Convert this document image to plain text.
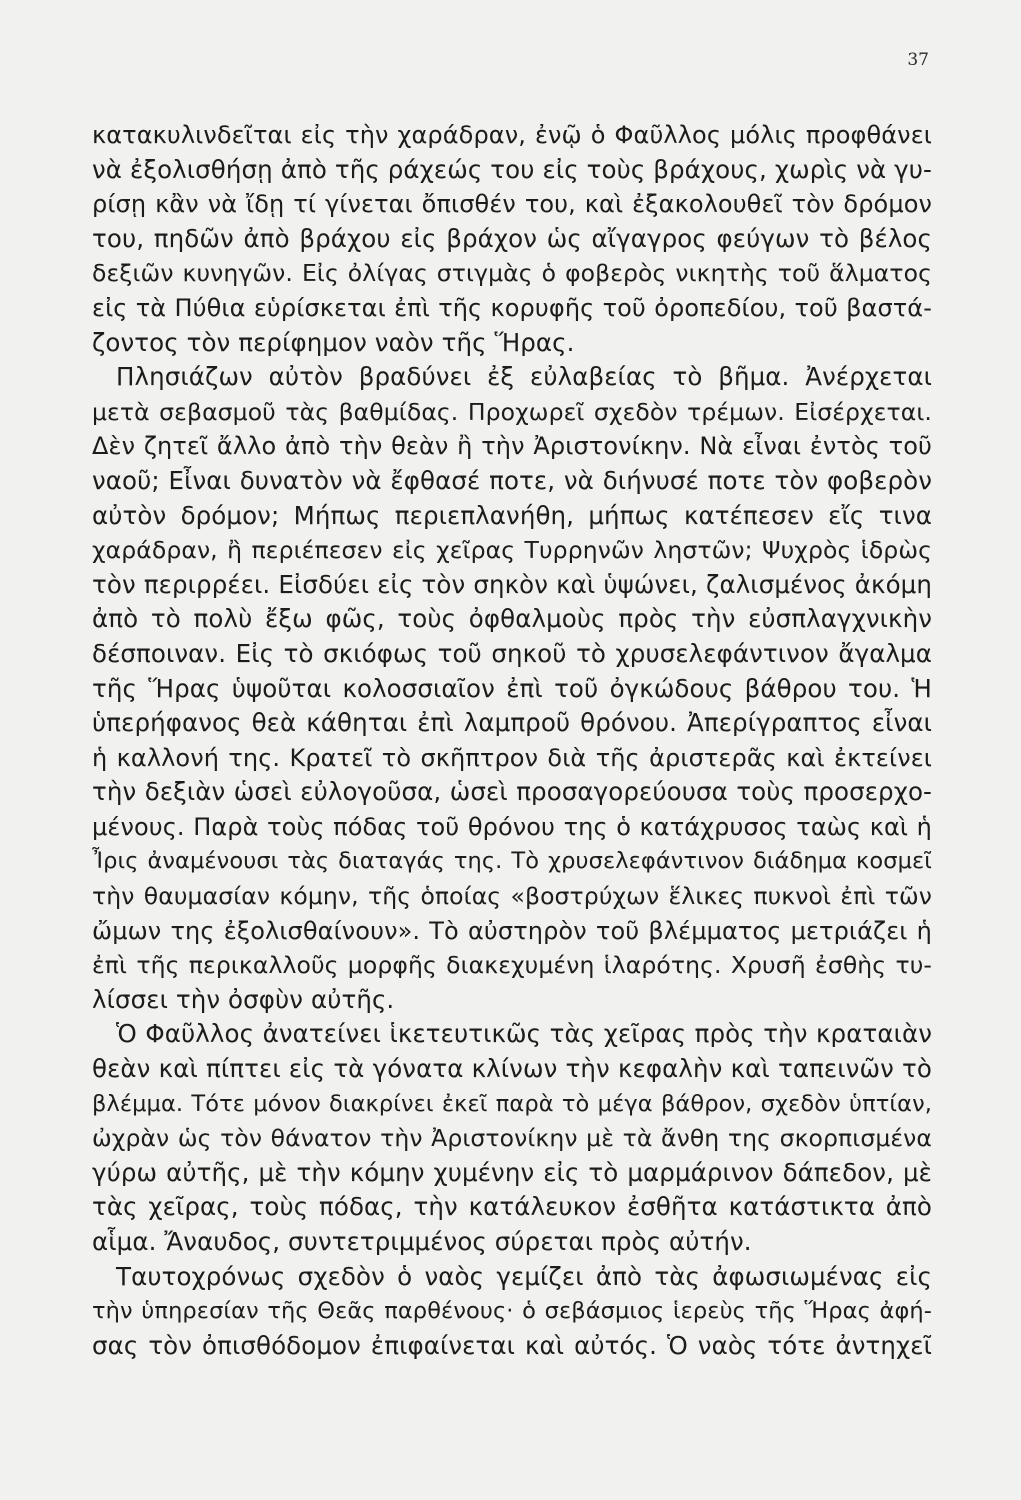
37
κατακυλινδεῖται εἰς τὴν χαράδραν, ἐνῷ ὁ Φαῦλλος μόλις προφθάνει
νὰ ἐξολισθήσῃ ἀπὸ τῆς ράχεώς του εἰς τοὺς βράχους, χωρὶς νὰ γυ-
ρίσῃ κἂν νὰ ἴδῃ τί γίνεται ὄπισθέν του, καὶ ἐξακολουθεῖ τὸν δρόμον
του, πηδῶν ἀπὸ βράχου εἰς βράχον ὡς αἴγαγρος φεύγων τὸ βέλος
δεξιῶν κυνηγῶν. Εἰς ὀλίγας στιγμὰς ὁ φοβερὸς νικητὴς τοῦ ἅλματος
εἰς τὰ Πύθια εὑρίσκεται ἐπὶ τῆς κορυφῆς τοῦ ὀροπεδίου, τοῦ βαστά-
ζοντος τὸν περίφημον ναὸν τῆς Ἥρας.
Πλησιάζων αὐτὸν βραδύνει ἐξ εὐλαβείας τὸ βῆμα. Ἀνέρχεται
μετὰ σεβασμοῦ τὰς βαθμίδας. Προχωρεῖ σχεδὸν τρέμων. Εἰσέρχεται.
Δὲν ζητεῖ ἄλλο ἀπὸ τὴν θεὰν ἢ τὴν Ἀριστονίκην. Νὰ εἶναι ἐντὸς τοῦ
ναοῦ; Εἶναι δυνατὸν νὰ ἔφθασέ ποτε, νὰ διήνυσέ ποτε τὸν φοβερὸν
αὐτὸν δρόμον; Μήπως περιεπλανήθη, μήπως κατέπεσεν εἴς τινα
χαράδραν, ἢ περιέπεσεν εἰς χεῖρας Τυρρηνῶν ληστῶν; Ψυχρὸς ἱδρὼς
τὸν περιρρέει. Εἰσδύει εἰς τὸν σηκὸν καὶ ὑψώνει, ζαλισμένος ἀκόμη
ἀπὸ τὸ πολὺ ἔξω φῶς, τοὺς ὀφθαλμοὺς πρὸς τὴν εὐσπλαγχνικὴν
δέσποιναν. Εἰς τὸ σκιόφως τοῦ σηκοῦ τὸ χρυσελεφάντινον ἄγαλμα
τῆς Ἥρας ὑψοῦται κολοσσιαῖον ἐπὶ τοῦ ὀγκώδους βάθρου του. Ἡ
ὑπερήφανος θεὰ κάθηται ἐπὶ λαμπροῦ θρόνου. Ἀπερίγραπτος εἶναι
ἡ καλλονή της. Κρατεῖ τὸ σκῆπτρον διὰ τῆς ἀριστερᾶς καὶ ἐκτείνει
τὴν δεξιὰν ὡσεὶ εὐλογοῦσα, ὡσεὶ προσαγορεύουσα τοὺς προσερχο-
μένους. Παρὰ τοὺς πόδας τοῦ θρόνου της ὁ κατάχρυσος ταὼς καὶ ἡ
Ἶρις ἀναμένουσι τὰς διαταγάς της. Τὸ χρυσελεφάντινον διάδημα κοσμεῖ
τὴν θαυμασίαν κόμην, τῆς ὁποίας «βοστρύχων ἕλικες πυκνοὶ ἐπὶ τῶν
ὤμων της ἐξολισθαίνουν». Τὸ αὐστηρὸν τοῦ βλέμματος μετριάζει ἡ
ἐπὶ τῆς περικαλλοῦς μορφῆς διακεχυμένη ἱλαρότης. Χρυσῆ ἐσθὴς τυ-
λίσσει τὴν ὀσφὺν αὐτῆς.
Ὁ Φαῦλλος ἀνατείνει ἱκετευτικῶς τὰς χεῖρας πρὸς τὴν κραταιὰν
θεὰν καὶ πίπτει εἰς τὰ γόνατα κλίνων τὴν κεφαλὴν καὶ ταπεινῶν τὸ
βλέμμα. Τότε μόνον διακρίνει ἐκεῖ παρὰ τὸ μέγα βάθρον, σχεδὸν ὑπτίαν,
ὠχρὰν ὡς τὸν θάνατον τὴν Ἀριστονίκην μὲ τὰ ἄνθη της σκορπισμένα
γύρω αὐτῆς, μὲ τὴν κόμην χυμένην εἰς τὸ μαρμάρινον δάπεδον, μὲ
τὰς χεῖρας, τοὺς πόδας, τὴν κατάλευκον ἐσθῆτα κατάστικτα ἀπὸ
αἷμα. Ἄναυδος, συντετριμμένος σύρεται πρὸς αὐτήν.
Ταυτοχρόνως σχεδὸν ὁ ναὸς γεμίζει ἀπὸ τὰς ἀφωσιωμένας εἰς
τὴν ὑπηρεσίαν τῆς Θεᾶς παρθένους· ὁ σεβάσμιος ἱερεὺς τῆς Ἥρας ἀφή-
σας τὸν ὀπισθόδομον ἐπιφαίνεται καὶ αὐτός. Ὁ ναὸς τότε ἀντηχεῖ
